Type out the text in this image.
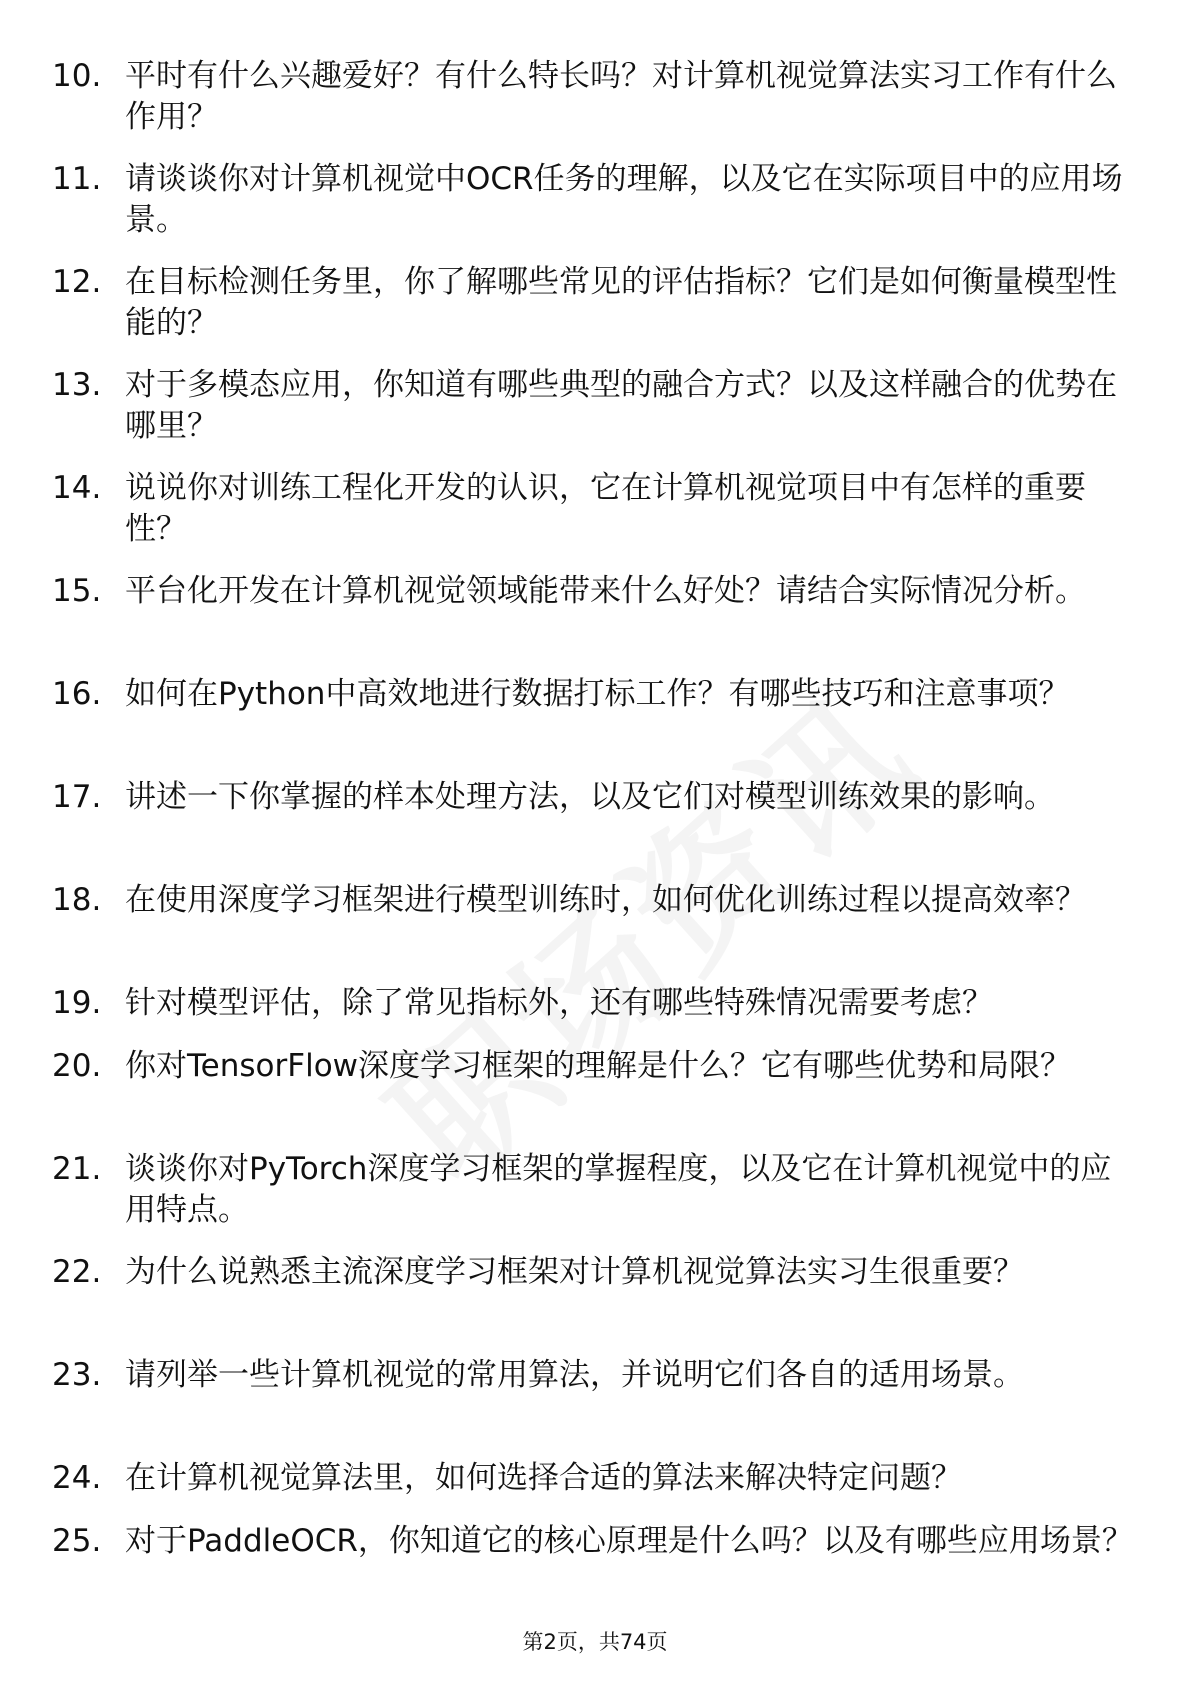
10. 平时有什么兴趣爱好？有什么特长吗？对计算机视觉算法实习工作有什么作用？

11. 请谈谈你对计算机视觉中OCR任务的理解，以及它在实际项目中的应用场景。

12. 在目标检测任务里，你了解哪些常见的评估指标？它们是如何衡量模型性能的？

13. 对于多模态应用，你知道有哪些典型的融合方式？以及这样融合的优势在哪里？

14. 说说你对训练工程化开发的认识，它在计算机视觉项目中有怎样的重要性？

15. 平台化开发在计算机视觉领域能带来什么好处？请结合实际情况分析。

16. 如何在Python中高效地进行数据打标工作？有哪些技巧和注意事项？

17. 讲述一下你掌握的样本处理方法，以及它们对模型训练效果的影响。

18. 在使用深度学习框架进行模型训练时，如何优化训练过程以提高效率？

19. 针对模型评估，除了常见指标外，还有哪些特殊情况需要考虑？

20. 你对TensorFlow深度学习框架的理解是什么？它有哪些优势和局限？

21. 谈谈你对PyTorch深度学习框架的掌握程度，以及它在计算机视觉中的应用特点。

22. 为什么说熟悉主流深度学习框架对计算机视觉算法实习生很重要？

23. 请列举一些计算机视觉的常用算法，并说明它们各自的适用场景。

24. 在计算机视觉算法里，如何选择合适的算法来解决特定问题？

25. 对于PaddleOCR，你知道它的核心原理是什么吗？以及有哪些应用场景？

第2页，共74页
